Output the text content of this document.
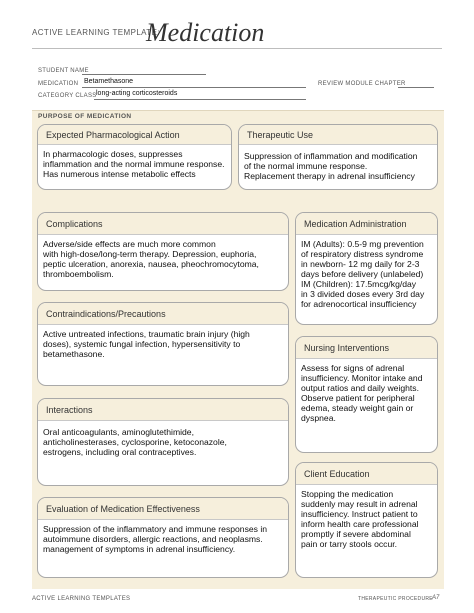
ACTIVE LEARNING TEMPLATE:
Medication
STUDENT NAME
MEDICATION Betamethasone	REVIEW MODULE CHAPTER
CATEGORY CLASS long-acting corticosteroids
PURPOSE OF MEDICATION
Expected Pharmacological Action
In pharmacologic doses, suppresses
inflammation and the normal immune response.
Has numerous intense metabolic effects
Therapeutic Use
Suppression of inflammation and modification
of the normal immune response.
Replacement therapy in adrenal insufficiency
Complications
Adverse/side effects are much more common
with high-dose/long-term therapy. Depression, euphoria,
peptic ulceration, anorexia, nausea, pheochromocytoma,
thromboembolism.
Medication Administration
IM (Adults): 0.5-9 mg prevention
of respiratory distress syndrome
in newborn- 12 mg daily for 2-3
days before delivery (unlabeled)
IM (Children): 17.5mcg/kg/day
in 3 divided doses every 3rd day
for adrenocortical insufficiency
Contraindications/Precautions
Active untreated infections, traumatic brain injury (high
doses), systemic fungal infection, hypersensitivity to
betamethasone.
Nursing Interventions
Assess for signs of adrenal
insufficiency. Monitor intake and
output ratios and daily weights.
Observe patient for peripheral
edema, steady weight gain or
dyspnea.
Interactions
Oral anticoagulants, aminoglutethimide,
anticholinesterases, cyclosporine, ketoconazole,
estrogens, including oral contraceptives.
Client Education
Stopping the medication
suddenly may result in adrenal
insufficiency. Instruct patient to
inform health care professional
promptly if severe abdominal
pain or tarry stools occur.
Evaluation of Medication Effectiveness
Suppression of the inflammatory and immune responses in
autoimmune disorders, allergic reactions, and neoplasms.
management of symptoms in adrenal insufficiency.
ACTIVE LEARNING TEMPLATES	THERAPEUTIC PROCEDURE A7
